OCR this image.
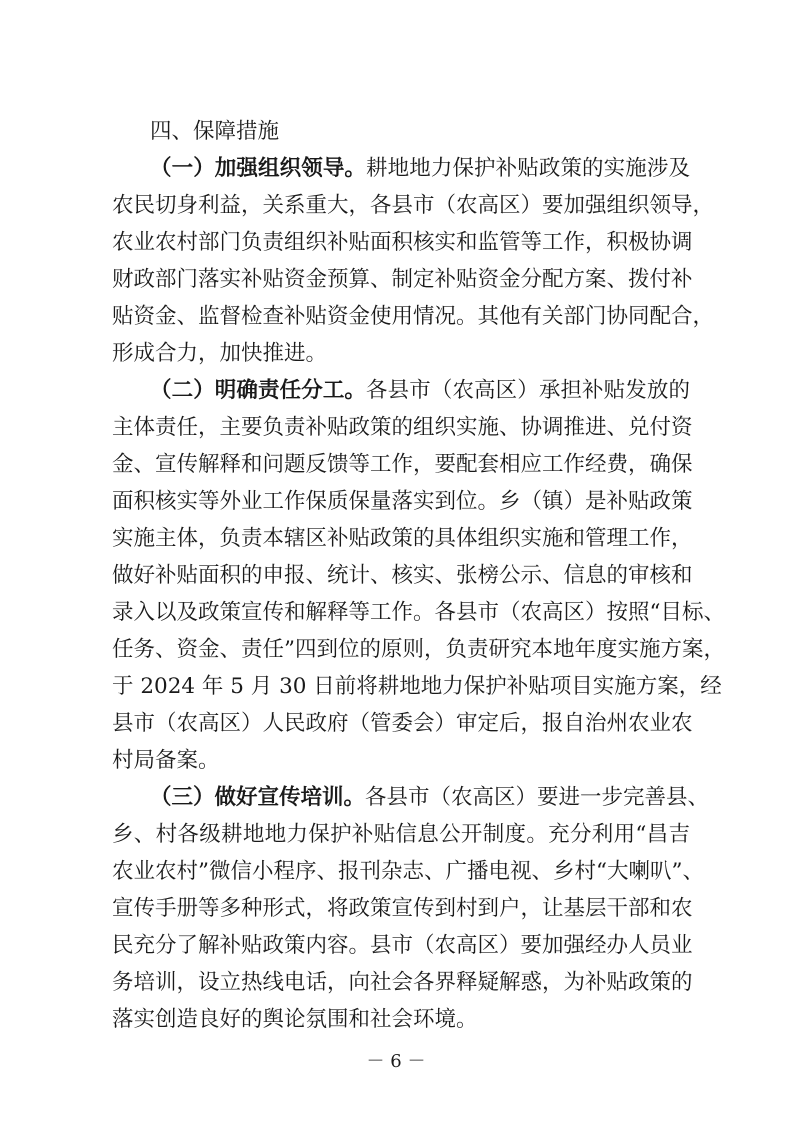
四、保障措施
（一）加强组织领导。耕地地力保护补贴政策的实施涉及
农民切身利益，关系重大，各县市（农高区）要加强组织领导，
农业农村部门负责组织补贴面积核实和监管等工作，积极协调
财政部门落实补贴资金预算、制定补贴资金分配方案、拨付补
贴资金、监督检查补贴资金使用情况。其他有关部门协同配合，
形成合力，加快推进。
（二）明确责任分工。各县市（农高区）承担补贴发放的
主体责任，主要负责补贴政策的组织实施、协调推进、兑付资
金、宣传解释和问题反馈等工作，要配套相应工作经费，确保
面积核实等外业工作保质保量落实到位。乡（镇）是补贴政策
实施主体，负责本辖区补贴政策的具体组织实施和管理工作，
做好补贴面积的申报、统计、核实、张榜公示、信息的审核和
录入以及政策宣传和解释等工作。各县市（农高区）按照“目标、
任务、资金、责任”四到位的原则，负责研究本地年度实施方案，
于 2024 年 5 月 30 日前将耕地地力保护补贴项目实施方案，经
县市（农高区）人民政府（管委会）审定后，报自治州农业农
村局备案。
（三）做好宣传培训。各县市（农高区）要进一步完善县、
乡、村各级耕地地力保护补贴信息公开制度。充分利用“昌吉
农业农村”微信小程序、报刊杂志、广播电视、乡村“大喇叭”、
宣传手册等多种形式，将政策宣传到村到户，让基层干部和农
民充分了解补贴政策内容。县市（农高区）要加强经办人员业
务培训，设立热线电话，向社会各界释疑解惑，为补贴政策的
落实创造良好的舆论氛围和社会环境。
－ 6 －
